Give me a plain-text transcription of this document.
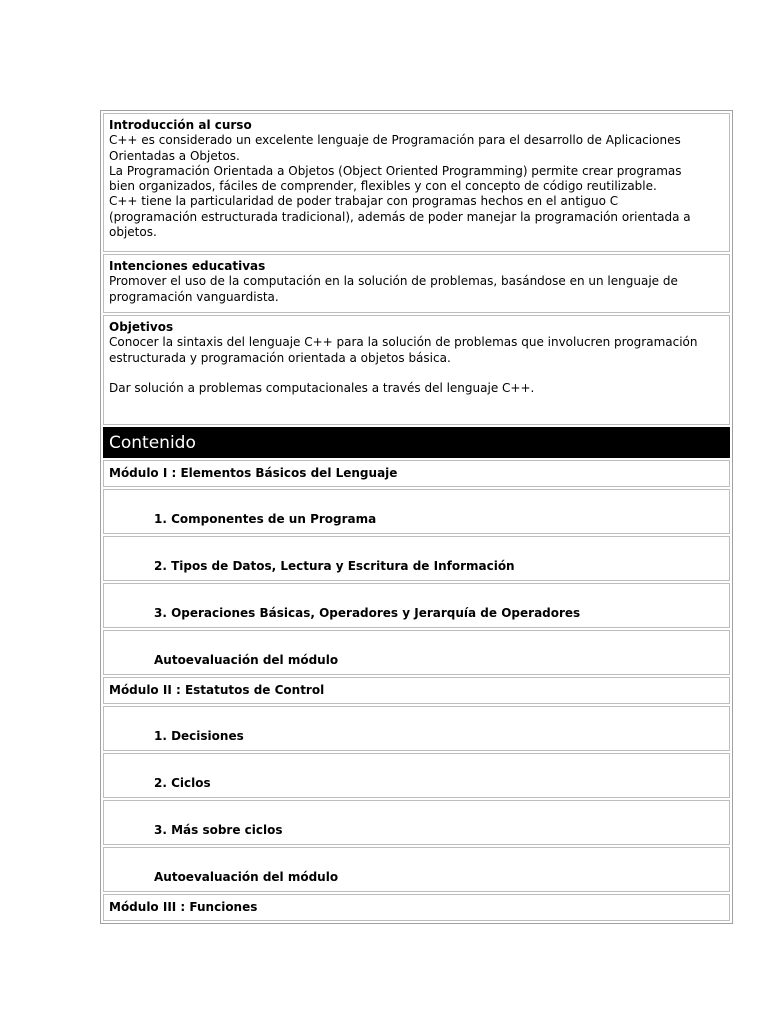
Introducción al curso

C++ es considerado un excelente lenguaje de Programación para el desarrollo de Aplicaciones

Orientadas a Objetos.

La Programación Orientada a Objetos (Object Oriented Programming) permite crear programas

bien organizados, fáciles de comprender, flexibles y con el concepto de código reutilizable.

C++ tiene la particularidad de poder trabajar con programas hechos en el antiguo C

(programación estructurada tradicional), además de poder manejar la programación orientada a

objetos.

Intenciones educativas

Promover el uso de la computación en la solución de problemas, basándose en un lenguaje de

programación vanguardista.

Objetivos

Conocer la sintaxis del lenguaje C++ para la solución de problemas que involucren programación

estructurada y programación orientada a objetos básica.

Dar solución a problemas computacionales a través del lenguaje C++.

Contenido
Módulo I : Elementos Básicos del Lenguaje
1. Componentes de un Programa
2. Tipos de Datos, Lectura y Escritura de Información
3. Operaciones Básicas, Operadores y Jerarquía de Operadores
Autoevaluación del módulo
Módulo II : Estatutos de Control
1. Decisiones
2. Ciclos
3. Más sobre ciclos
Autoevaluación del módulo
Módulo III : Funciones
